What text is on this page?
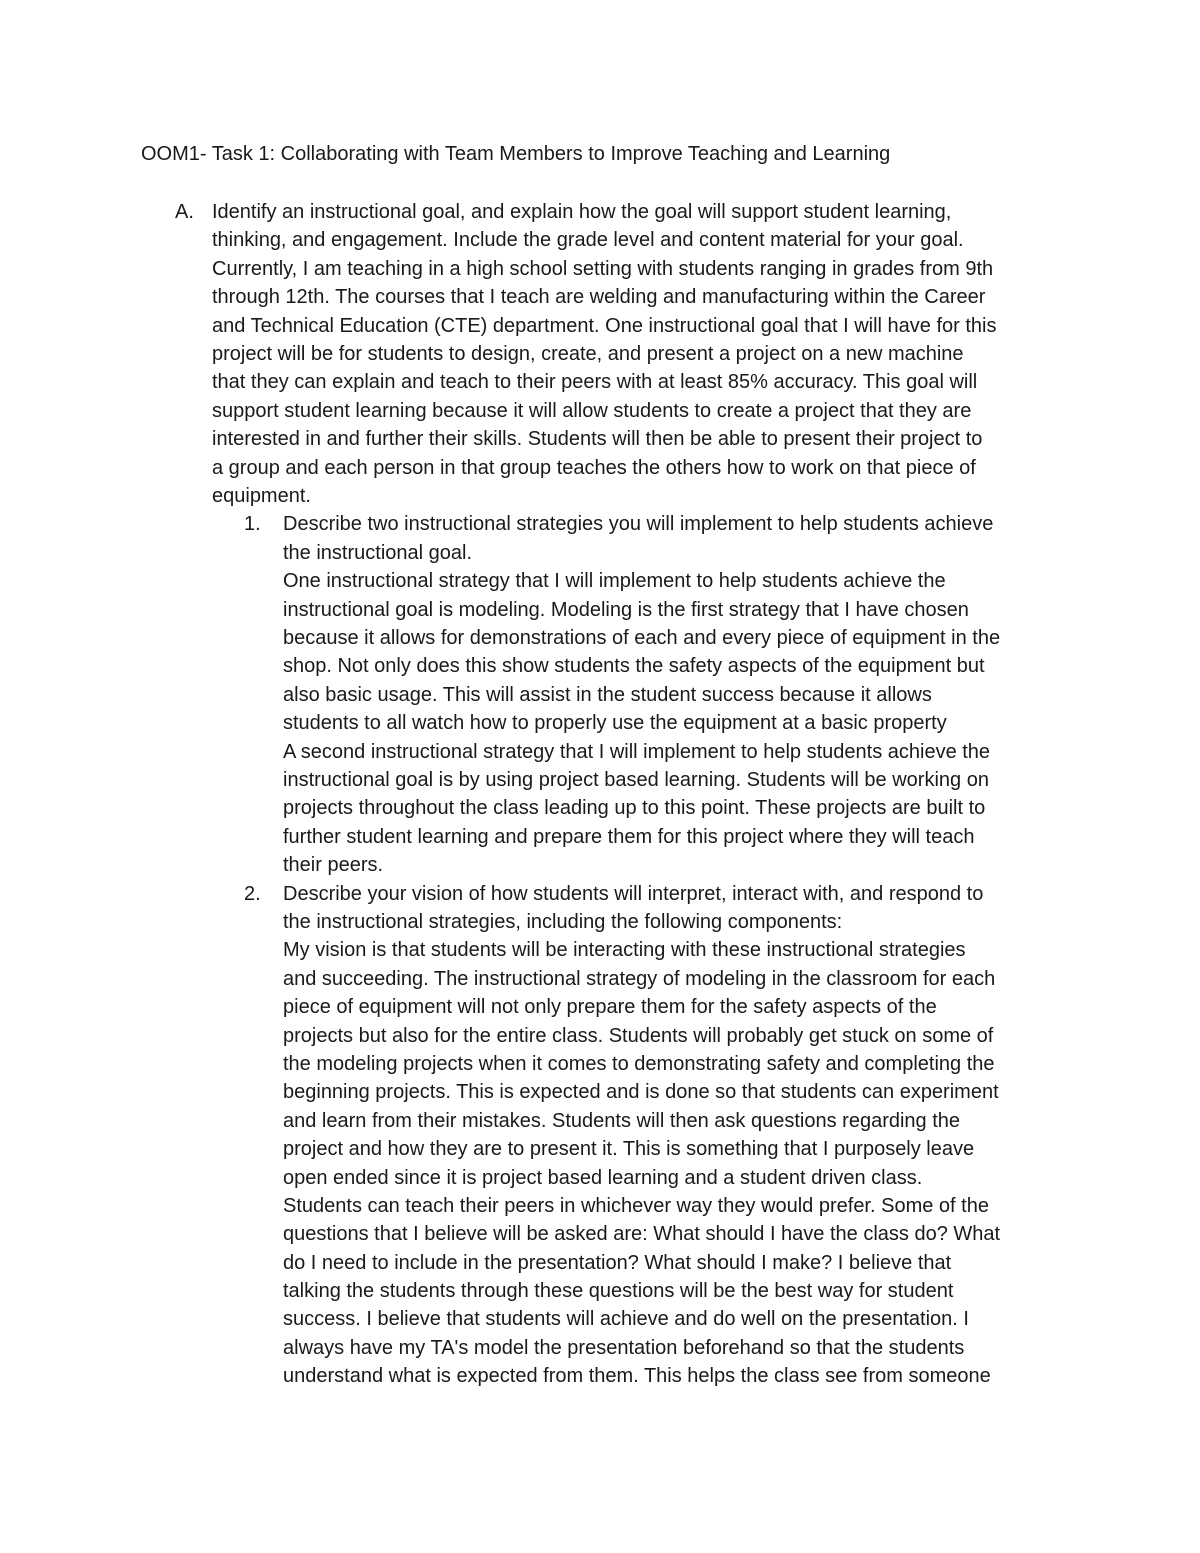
OOM1- Task 1: Collaborating with Team Members to Improve Teaching and Learning
A. Identify an instructional goal, and explain how the goal will support student learning,
thinking, and engagement. Include the grade level and content material for your goal.
Currently, I am teaching in a high school setting with students ranging in grades from 9th
through 12th. The courses that I teach are welding and manufacturing within the Career
and Technical Education (CTE) department. One instructional goal that I will have for this
project will be for students to design, create, and present a project on a new machine
that they can explain and teach to their peers with at least 85% accuracy. This goal will
support student learning because it will allow students to create a project that they are
interested in and further their skills. Students will then be able to present their project to
a group and each person in that group teaches the others how to work on that piece of
equipment.
1. Describe two instructional strategies you will implement to help students achieve
the instructional goal.
One instructional strategy that I will implement to help students achieve the
instructional goal is modeling. Modeling is the first strategy that I have chosen
because it allows for demonstrations of each and every piece of equipment in the
shop. Not only does this show students the safety aspects of the equipment but
also basic usage. This will assist in the student success because it allows
students to all watch how to properly use the equipment at a basic property
A second instructional strategy that I will implement to help students achieve the
instructional goal is by using project based learning. Students will be working on
projects throughout the class leading up to this point. These projects are built to
further student learning and prepare them for this project where they will teach
their peers.
2. Describe your vision of how students will interpret, interact with, and respond to
the instructional strategies, including the following components:
My vision is that students will be interacting with these instructional strategies
and succeeding. The instructional strategy of modeling in the classroom for each
piece of equipment will not only prepare them for the safety aspects of the
projects but also for the entire class. Students will probably get stuck on some of
the modeling projects when it comes to demonstrating safety and completing the
beginning projects. This is expected and is done so that students can experiment
and learn from their mistakes. Students will then ask questions regarding the
project and how they are to present it. This is something that I purposely leave
open ended since it is project based learning and a student driven class.
Students can teach their peers in whichever way they would prefer. Some of the
questions that I believe will be asked are: What should I have the class do? What
do I need to include in the presentation? What should I make? I believe that
talking the students through these questions will be the best way for student
success. I believe that students will achieve and do well on the presentation. I
always have my TA's model the presentation beforehand so that the students
understand what is expected from them. This helps the class see from someone
